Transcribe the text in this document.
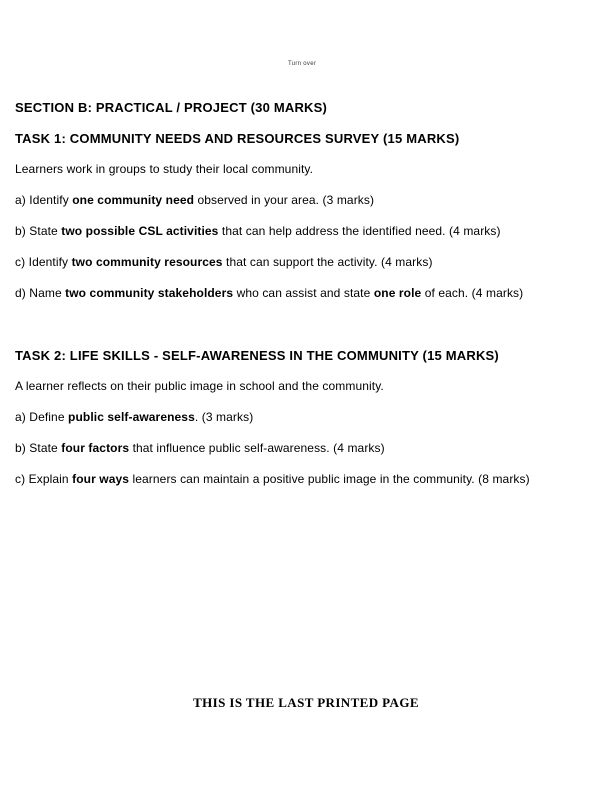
Turn over

SECTION B: PRACTICAL / PROJECT (30 MARKS)

TASK 1: COMMUNITY NEEDS AND RESOURCES SURVEY (15 MARKS)

Learners work in groups to study their local community.

a) Identify one community need observed in your area. (3 marks)

b) State two possible CSL activities that can help address the identified need. (4 marks)

c) Identify two community resources that can support the activity. (4 marks)

d) Name two community stakeholders who can assist and state one role of each. (4 marks)

TASK 2: LIFE SKILLS - SELF-AWARENESS IN THE COMMUNITY (15 MARKS)

A learner reflects on their public image in school and the community.

a) Define public self-awareness. (3 marks)

b) State four factors that influence public self-awareness. (4 marks)

c) Explain four ways learners can maintain a positive public image in the community. (8 marks)

THIS IS THE LAST PRINTED PAGE
